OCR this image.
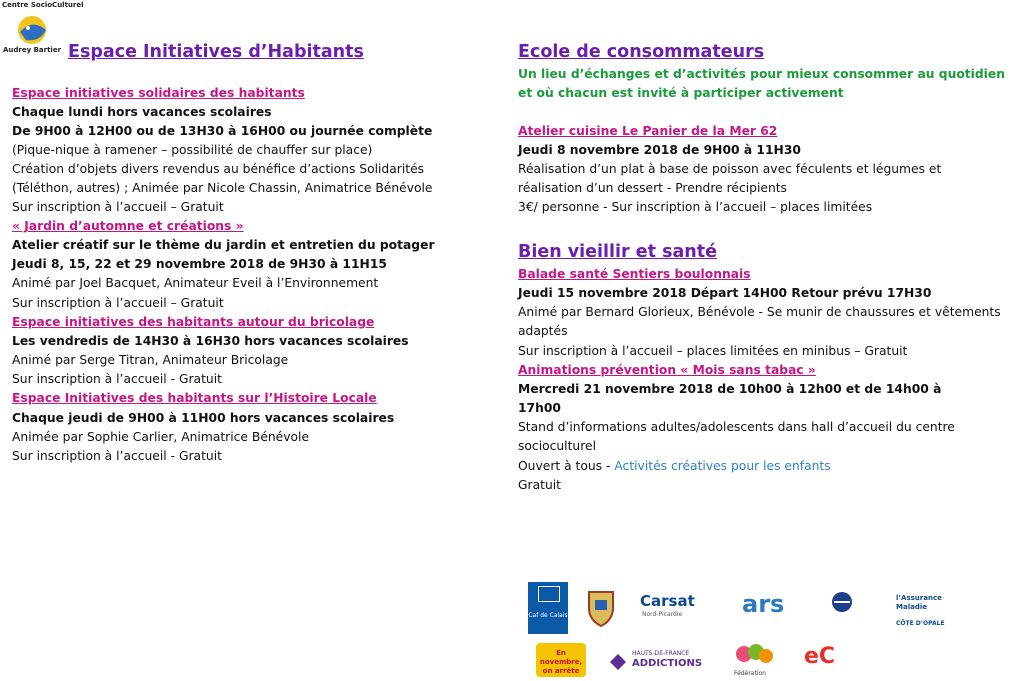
Centre SocioCulturel
Audrey Bartier Espace Initiatives d’Habitants
Espace initiatives solidaires des habitants
Chaque lundi hors vacances scolaires
De 9H00 à 12H00 ou de 13H30 à 16H00 ou journée complète
(Pique-nique à ramener – possibilité de chauffer sur place)
Création d’objets divers revendus au bénéfice d’actions Solidarités
(Téléthon, autres) ; Animée par Nicole Chassin, Animatrice Bénévole
Sur inscription à l’accueil – Gratuit
« Jardin d’automne et créations »
Atelier créatif sur le thème du jardin et entretien du potager
Jeudi 8, 15, 22 et 29 novembre 2018 de 9H30 à 11H15
Animé par Joel Bacquet, Animateur Eveil à l’Environnement
Sur inscription à l’accueil – Gratuit
Espace initiatives des habitants autour du bricolage
Les vendredis de 14H30 à 16H30 hors vacances scolaires
Animé par Serge Titran, Animateur Bricolage
Sur inscription à l’accueil - Gratuit
Espace Initiatives des habitants sur l’Histoire Locale
Chaque jeudi de 9H00 à 11H00 hors vacances scolaires
Animée par Sophie Carlier, Animatrice Bénévole
Sur inscription à l’accueil - Gratuit
Ecole de consommateurs
Un lieu d’échanges et d’activités pour mieux consommer au quotidien
et où chacun est invité à participer activement
Atelier cuisine Le Panier de la Mer 62
Jeudi 8 novembre 2018 de 9H00 à 11H30
Réalisation d’un plat à base de poisson avec féculents et légumes et
réalisation d’un dessert - Prendre récipients
3€/ personne - Sur inscription à l’accueil – places limitées
Bien vieillir et santé
Balade santé Sentiers boulonnais
Jeudi 15 novembre 2018 Départ 14H00 Retour prévu 17H30
Animé par Bernard Glorieux, Bénévole - Se munir de chaussures et vêtements
adaptés
Sur inscription à l’accueil – places limitées en minibus – Gratuit
Animations prévention « Mois sans tabac »
Mercredi 21 novembre 2018 de 10h00 à 12h00 et de 14h00 à
17h00
Stand d’informations adultes/adolescents dans hall d’accueil du centre
socioculturel
Ouvert à tous - Activités créatives pour les enfants
Gratuit
Caf de Calais
Carsat
Nord-Picardie ars	l’Assurance Maladie
CÔTE D’OPALE
En novembre, on arrête
HAUTS-DE-FRANCE
ADDICTIONS
Fédération
eC
